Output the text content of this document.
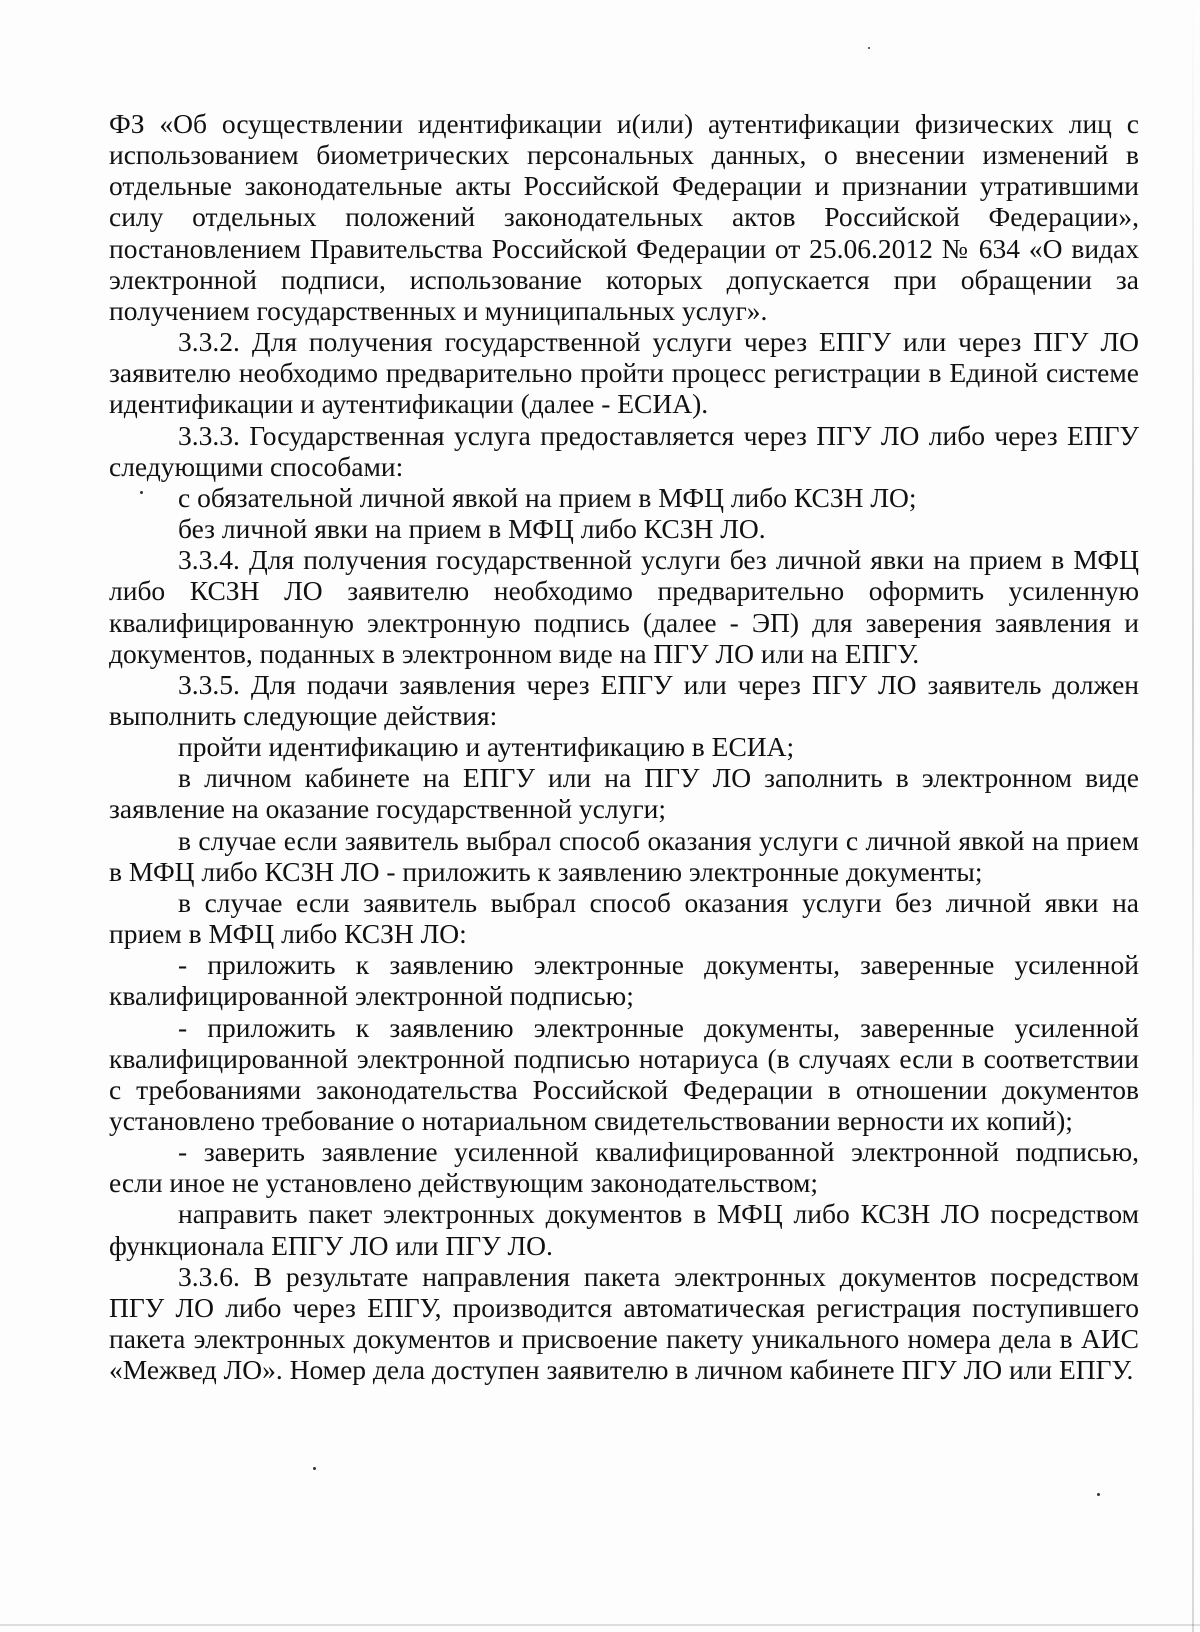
ФЗ «Об осуществлении идентификации и(или) аутентификации физических лиц с использованием биометрических персональных данных, о внесении изменений в отдельные законодательные акты Российской Федерации и признании утратившими силу отдельных положений законодательных актов Российской Федерации», постановлением Правительства Российской Федерации от 25.06.2012 № 634 «О видах электронной подписи, использование которых допускается при обращении за получением государственных и муниципальных услуг».

3.3.2. Для получения государственной услуги через ЕПГУ или через ПГУ ЛО заявителю необходимо предварительно пройти процесс регистрации в Единой системе идентификации и аутентификации (далее - ЕСИА).

3.3.3. Государственная услуга предоставляется через ПГУ ЛО либо через ЕПГУ следующими способами:

с обязательной личной явкой на прием в МФЦ либо КСЗН ЛО;

без личной явки на прием в МФЦ либо КСЗН ЛО.

3.3.4. Для получения государственной услуги без личной явки на прием в МФЦ либо КСЗН ЛО заявителю необходимо предварительно оформить усиленную квалифицированную электронную подпись (далее - ЭП) для заверения заявления и документов, поданных в электронном виде на ПГУ ЛО или на ЕПГУ.

3.3.5. Для подачи заявления через ЕПГУ или через ПГУ ЛО заявитель должен выполнить следующие действия:

пройти идентификацию и аутентификацию в ЕСИА;

в личном кабинете на ЕПГУ или на ПГУ ЛО заполнить в электронном виде заявление на оказание государственной услуги;

в случае если заявитель выбрал способ оказания услуги с личной явкой на прием в МФЦ либо КСЗН ЛО - приложить к заявлению электронные документы;

в случае если заявитель выбрал способ оказания услуги без личной явки на прием в МФЦ либо КСЗН ЛО:

- приложить к заявлению электронные документы, заверенные усиленной квалифицированной электронной подписью;

- приложить к заявлению электронные документы, заверенные усиленной квалифицированной электронной подписью нотариуса (в случаях если в соответствии с требованиями законодательства Российской Федерации в отношении документов установлено требование о нотариальном свидетельствовании верности их копий);

- заверить заявление усиленной квалифицированной электронной подписью, если иное не установлено действующим законодательством;

направить пакет электронных документов в МФЦ либо КСЗН ЛО посредством функционала ЕПГУ ЛО или ПГУ ЛО.

3.3.6. В результате направления пакета электронных документов посредством ПГУ ЛО либо через ЕПГУ, производится автоматическая регистрация поступившего пакета электронных документов и присвоение пакету уникального номера дела в АИС «Межвед ЛО». Номер дела доступен заявителю в личном кабинете ПГУ ЛО или ЕПГУ.
